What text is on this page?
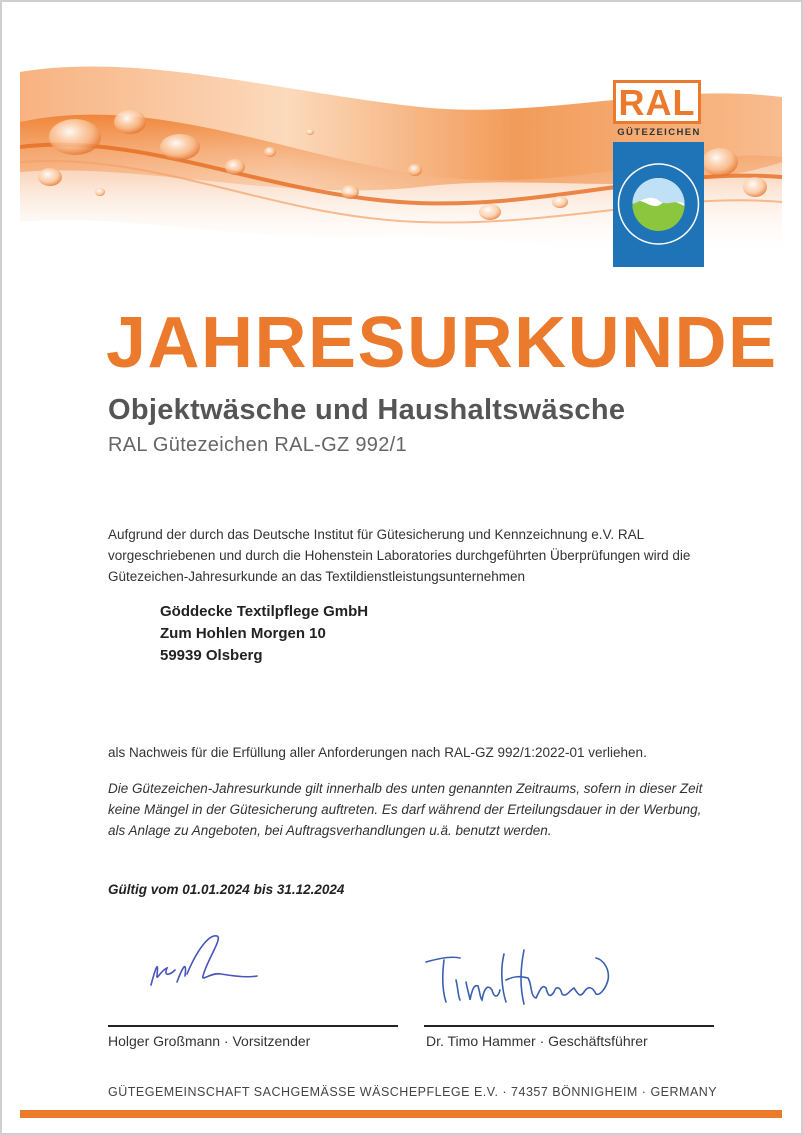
RAL
GÜTEZEICHEN
JAHRESURKUNDE
Objektwäsche und Haushaltswäsche
RAL Gütezeichen RAL-GZ 992/1
Aufgrund der durch das Deutsche Institut für Gütesicherung und Kennzeichnung e.V. RAL vorgeschriebenen und durch die Hohenstein Laboratories durchgeführten Überprüfungen wird die Gütezeichen-Jahresurkunde an das Textildienstleistungsunternehmen
Göddecke Textilpflege GmbH
Zum Hohlen Morgen 10
59939 Olsberg
als Nachweis für die Erfüllung aller Anforderungen nach RAL-GZ 992/1:2022-01 verliehen.
Die Gütezeichen-Jahresurkunde gilt innerhalb des unten genannten Zeitraums, sofern in dieser Zeit keine Mängel in der Gütesicherung auftreten. Es darf während der Erteilungsdauer in der Werbung, als Anlage zu Angeboten, bei Auftragsverhandlungen u.ä. benutzt werden.
Gültig vom 01.01.2024 bis 31.12.2024
Holger Großmann · Vorsitzender	Dr. Timo Hammer · Geschäftsführer
GÜTEGEMEINSCHAFT SACHGEMÄSSE WÄSCHEPFLEGE E.V. · 74357 BÖNNIGHEIM · GERMANY
